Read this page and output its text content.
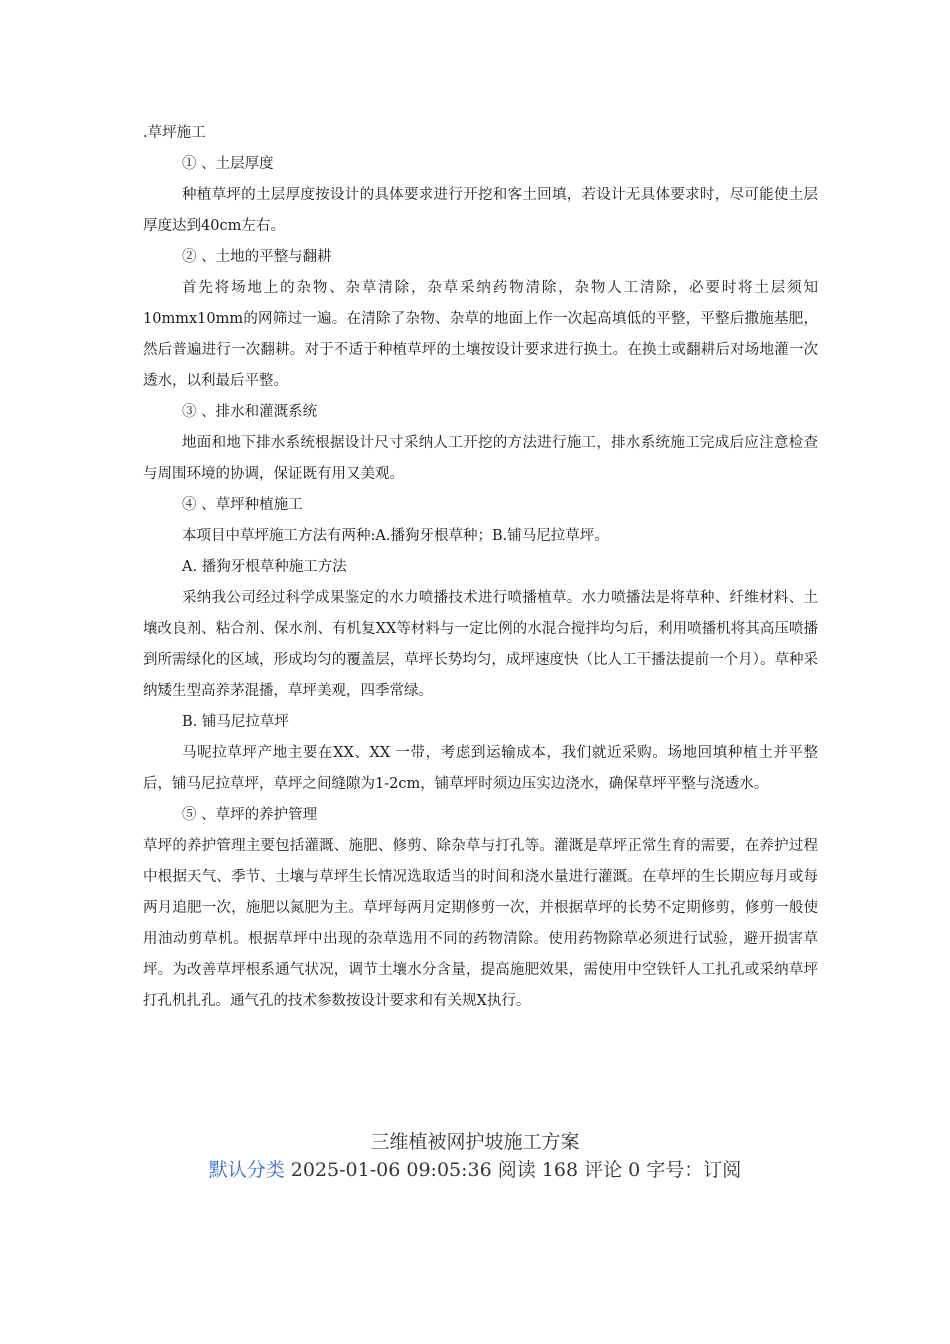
.草坪施工

① 、土层厚度

种植草坪的土层厚度按设计的具体要求进行开挖和客土回填，若设计无具体要求时，尽可能使土层厚度达到40cm左右。

② 、土地的平整与翻耕

首先将场地上的杂物、杂草清除，杂草采纳药物清除，杂物人工清除，必要时将土层须知10mmx10mm的网筛过一遍。在清除了杂物、杂草的地面上作一次起高填低的平整，平整后撒施基肥，然后普遍进行一次翻耕。对于不适于种植草坪的土壤按设计要求进行换土。在换土或翻耕后对场地灌一次透水，以利最后平整。

③ 、排水和灌溉系统

地面和地下排水系统根据设计尺寸采纳人工开挖的方法进行施工，排水系统施工完成后应注意检查与周围环境的协调，保证既有用又美观。

④ 、草坪种植施工

本项目中草坪施工方法有两种:A.播狗牙根草种；B.铺马尼拉草坪。

A. 播狗牙根草种施工方法

采纳我公司经过科学成果鉴定的水力喷播技术进行喷播植草。水力喷播法是将草种、纤维材料、土壤改良剂、粘合剂、保水剂、有机复XX等材料与一定比例的水混合搅拌均匀后，利用喷播机将其高压喷播到所需绿化的区域，形成均匀的覆盖层，草坪长势均匀，成坪速度快（比人工干播法提前一个月）。草种采纳矮生型高养茅混播，草坪美观，四季常绿。

B. 铺马尼拉草坪

马呢拉草坪产地主要在XX、XX 一带，考虑到运输成本，我们就近采购。场地回填种植土并平整后，铺马尼拉草坪，草坪之间缝隙为1-2cm，铺草坪时须边压实边浇水，确保草坪平整与浇透水。

⑤ 、草坪的养护管理

草坪的养护管理主要包括灌溉、施肥、修剪、除杂草与打孔等。灌溉是草坪正常生育的需要，在养护过程中根据天气、季节、土壤与草坪生长情况选取适当的时间和浇水量进行灌溉。在草坪的生长期应每月或每两月追肥一次，施肥以氮肥为主。草坪每两月定期修剪一次，并根据草坪的长势不定期修剪，修剪一般使用油动剪草机。根据草坪中出现的杂草选用不同的药物清除。使用药物除草必须进行试验，避开损害草坪。为改善草坪根系通气状况，调节土壤水分含量，提高施肥效果，需使用中空铁钎人工扎孔或采纳草坪打孔机扎孔。通气孔的技术参数按设计要求和有关规X执行。

三维植被网护坡施工方案
默认分类 2025-01-06 09:05:36 阅读 168 评论 0 字号：订阅
